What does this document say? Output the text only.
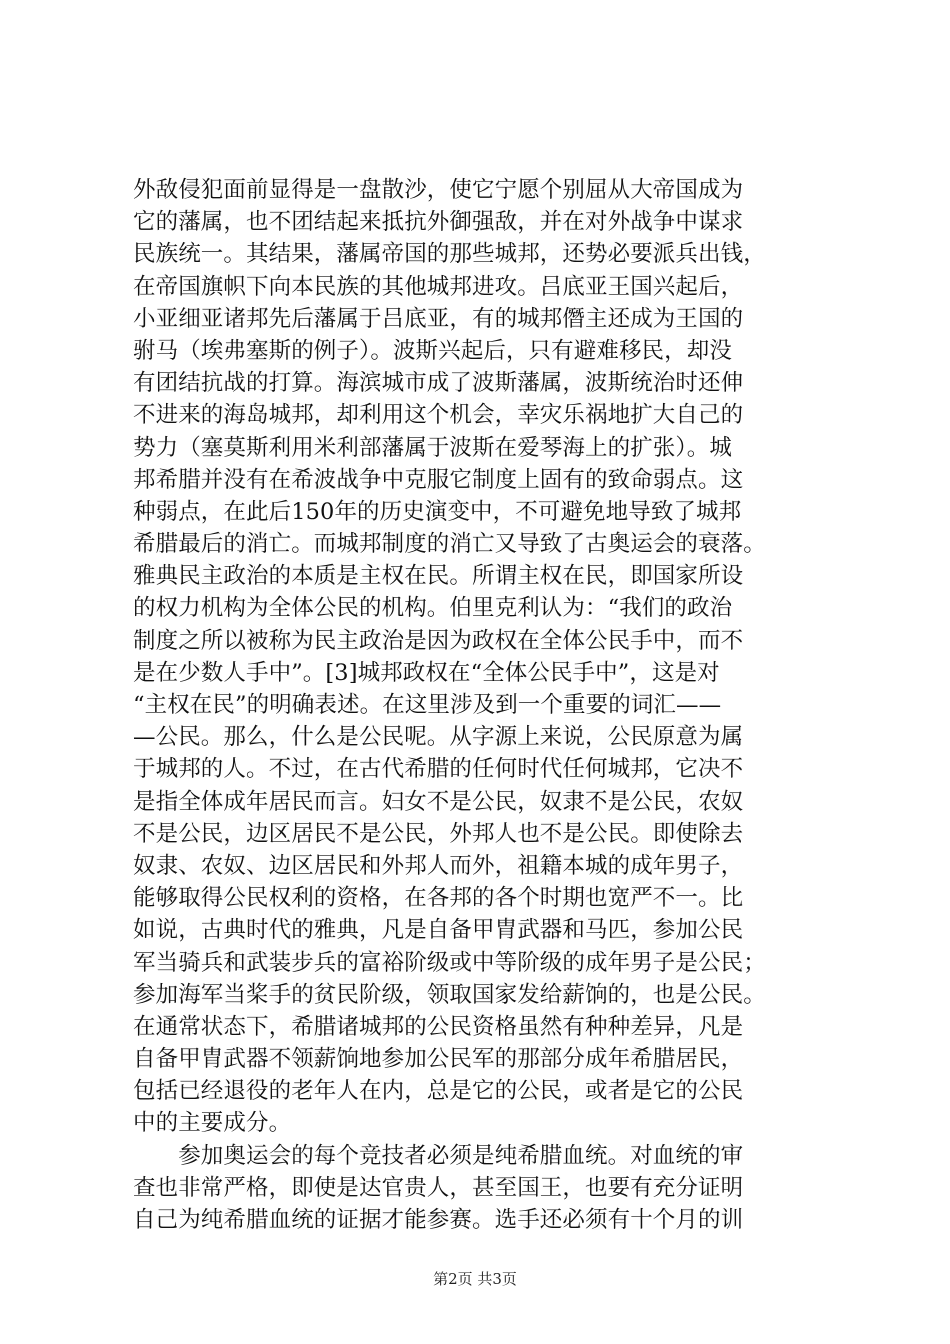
外敌侵犯面前显得是一盘散沙，使它宁愿个别屈从大帝国成为
它的藩属，也不团结起来抵抗外御强敌，并在对外战争中谋求
民族统一。其结果，藩属帝国的那些城邦，还势必要派兵出钱，
在帝国旗帜下向本民族的其他城邦进攻。吕底亚王国兴起后，
小亚细亚诸邦先后藩属于吕底亚，有的城邦僭主还成为王国的
驸马（埃弗塞斯的例子）。波斯兴起后，只有避难移民，却没
有团结抗战的打算。海滨城市成了波斯藩属，波斯统治时还伸
不进来的海岛城邦，却利用这个机会，幸灾乐祸地扩大自己的
势力（塞莫斯利用米利部藩属于波斯在爱琴海上的扩张）。城
邦希腊并没有在希波战争中克服它制度上固有的致命弱点。这
种弱点，在此后150年的历史演变中，不可避免地导致了城邦
希腊最后的消亡。而城邦制度的消亡又导致了古奥运会的衰落。
雅典民主政治的本质是主权在民。所谓主权在民，即国家所设
的权力机构为全体公民的机构。伯里克利认为：“我们的政治
制度之所以被称为民主政治是因为政权在全体公民手中，而不
是在少数人手中”。[3]城邦政权在“全体公民手中”，这是对
“主权在民”的明确表述。在这里涉及到一个重要的词汇——
—公民。那么，什么是公民呢。从字源上来说，公民原意为属
于城邦的人。不过，在古代希腊的任何时代任何城邦，它决不
是指全体成年居民而言。妇女不是公民，奴隶不是公民，农奴
不是公民，边区居民不是公民，外邦人也不是公民。即使除去
奴隶、农奴、边区居民和外邦人而外，祖籍本城的成年男子，
能够取得公民权利的资格，在各邦的各个时期也宽严不一。比
如说，古典时代的雅典，凡是自备甲胄武器和马匹，参加公民
军当骑兵和武装步兵的富裕阶级或中等阶级的成年男子是公民；
参加海军当桨手的贫民阶级，领取国家发给薪饷的，也是公民。
在通常状态下，希腊诸城邦的公民资格虽然有种种差异，凡是
自备甲胄武器不领薪饷地参加公民军的那部分成年希腊居民，
包括已经退役的老年人在内，总是它的公民，或者是它的公民
中的主要成分。
　　参加奥运会的每个竞技者必须是纯希腊血统。对血统的审
查也非常严格，即使是达官贵人，甚至国王，也要有充分证明
自己为纯希腊血统的证据才能参赛。选手还必须有十个月的训
第2页 共3页
